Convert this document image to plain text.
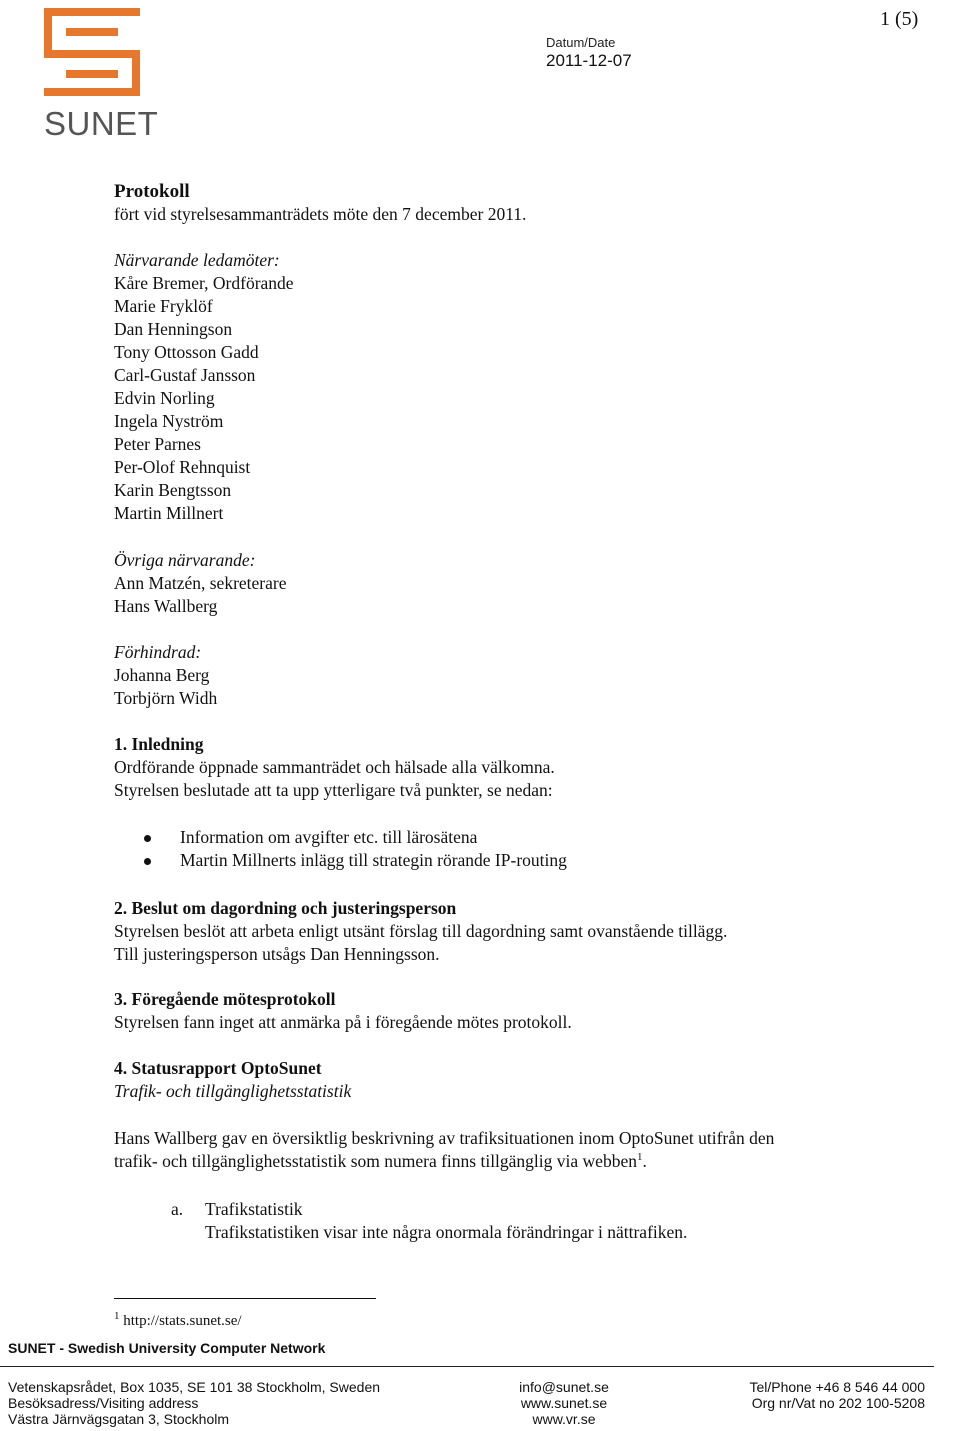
SUNET
1 (5)
Datum/Date
2011-12-07
Protokoll
fört vid styrelsesammanträdets möte den 7 december 2011.
Närvarande ledamöter:
Kåre Bremer, Ordförande
Marie Fryklöf
Dan Henningson
Tony Ottosson Gadd
Carl-Gustaf Jansson
Edvin Norling
Ingela Nyström
Peter Parnes
Per-Olof Rehnquist
Karin Bengtsson
Martin Millnert
Övriga närvarande:
Ann Matzén, sekreterare
Hans Wallberg
Förhindrad:
Johanna Berg
Torbjörn Widh
1. Inledning
Ordförande öppnade sammanträdet och hälsade alla välkomna.
Styrelsen beslutade att ta upp ytterligare två punkter, se nedan:
Information om avgifter etc. till lärosätena
Martin Millnerts inlägg till strategin rörande IP-routing
2. Beslut om dagordning och justeringsperson
Styrelsen beslöt att arbeta enligt utsänt förslag till dagordning samt ovanstående tillägg.
Till justeringsperson utsågs Dan Henningsson.
3. Föregående mötesprotokoll
Styrelsen fann inget att anmärka på i föregående mötes protokoll.
4. Statusrapport OptoSunet
Trafik- och tillgänglighetsstatistik
Hans Wallberg gav en översiktlig beskrivning av trafiksituationen inom OptoSunet utifrån den
trafik- och tillgänglighetsstatistik som numera finns tillgänglig via webben$^1$.
a. Trafikstatistik
Trafikstatistiken visar inte några onormala förändringar i nättrafiken.
$^1$ http://stats.sunet.se/
SUNET - Swedish University Computer Network
Vetenskapsrådet, Box 1035, SE 101 38 Stockholm, Sweden
Besöksadress/Visiting address
Västra Järnvägsgatan 3, Stockholm
info@sunet.se
www.sunet.se
www.vr.se
Tel/Phone +46 8 546 44 000
Org nr/Vat no 202 100-5208
